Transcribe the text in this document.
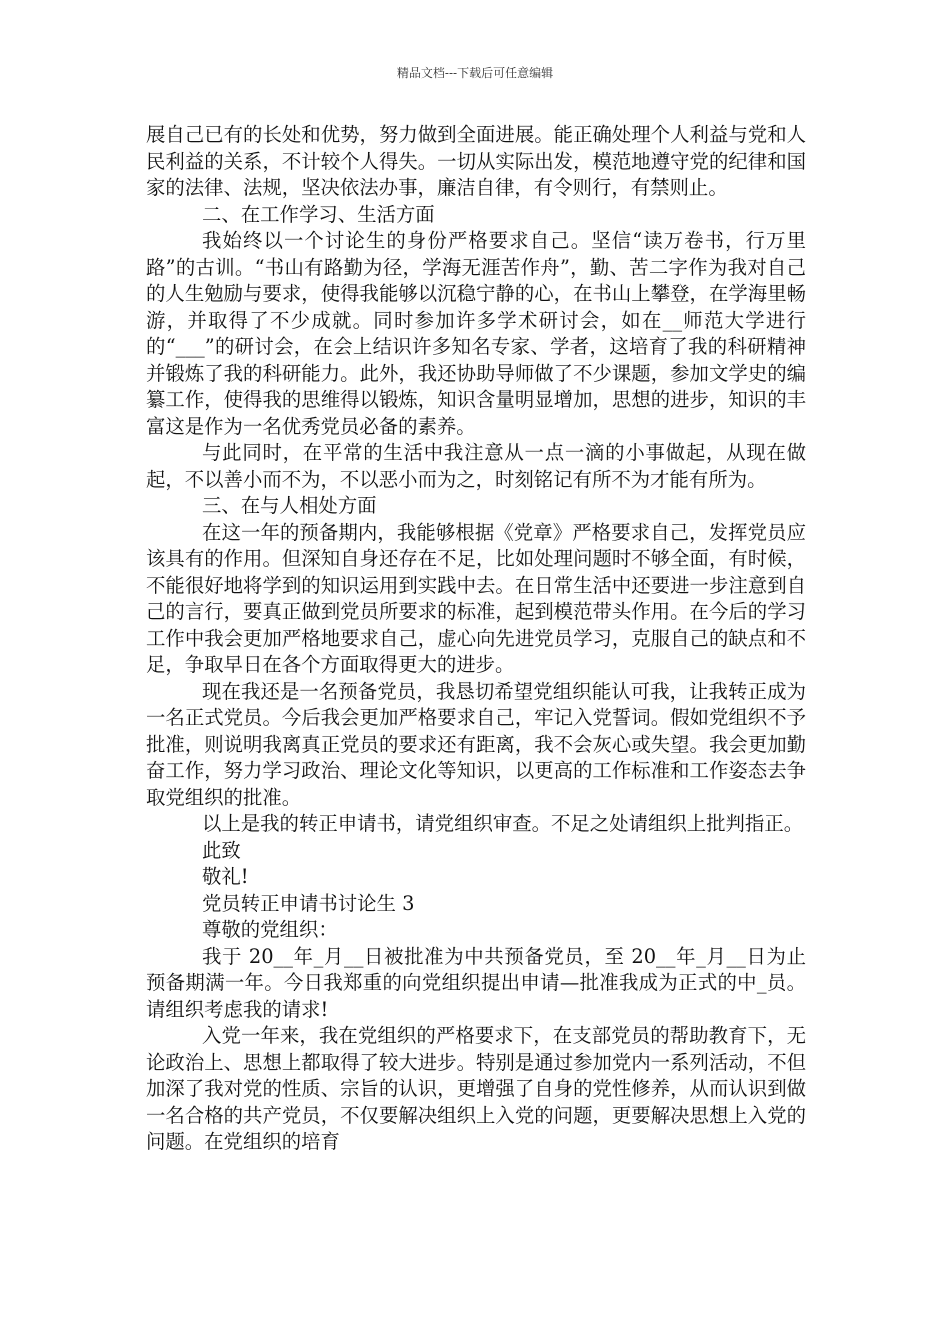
精品文档---下载后可任意编辑

展自己已有的长处和优势，努力做到全面进展。能正确处理个人利益与党和人民利益的关系，不计较个人得失。一切从实际出发，模范地遵守党的纪律和国家的法律、法规，坚决依法办事，廉洁自律，有令则行，有禁则止。

二、在工作学习、生活方面

我始终以一个讨论生的身份严格要求自己。坚信“读万卷书，行万里路”的古训。“书山有路勤为径，学海无涯苦作舟”，勤、苦二字作为我对自己的人生勉励与要求，使得我能够以沉稳宁静的心，在书山上攀登，在学海里畅游，并取得了不少成就。同时参加许多学术研讨会，如在__师范大学进行的“___”的研讨会，在会上结识许多知名专家、学者，这培育了我的科研精神并锻炼了我的科研能力。此外，我还协助导师做了不少课题，参加文学史的编纂工作，使得我的思维得以锻炼，知识含量明显增加，思想的进步，知识的丰富这是作为一名优秀党员必备的素养。

与此同时，在平常的生活中我注意从一点一滴的小事做起，从现在做起，不以善小而不为，不以恶小而为之，时刻铭记有所不为才能有所为。

三、在与人相处方面

在这一年的预备期内，我能够根据《党章》严格要求自己，发挥党员应该具有的作用。但深知自身还存在不足，比如处理问题时不够全面，有时候，不能很好地将学到的知识运用到实践中去。在日常生活中还要进一步注意到自己的言行，要真正做到党员所要求的标准，起到模范带头作用。在今后的学习工作中我会更加严格地要求自己，虚心向先进党员学习，克服自己的缺点和不足，争取早日在各个方面取得更大的进步。

现在我还是一名预备党员，我恳切希望党组织能认可我，让我转正成为一名正式党员。今后我会更加严格要求自己，牢记入党誓词。假如党组织不予批准，则说明我离真正党员的要求还有距离，我不会灰心或失望。我会更加勤奋工作，努力学习政治、理论文化等知识，以更高的工作标准和工作姿态去争取党组织的批准。

以上是我的转正申请书，请党组织审查。不足之处请组织上批判指正。

此致

敬礼!

党员转正申请书讨论生 3

尊敬的党组织：

我于 20__年_月__日被批准为中共预备党员，至 20__年_月__日为止预备期满一年。今日我郑重的向党组织提出申请—批准我成为正式的中_员。请组织考虑我的请求!

入党一年来，我在党组织的严格要求下，在支部党员的帮助教育下，无论政治上、思想上都取得了较大进步。特别是通过参加党内一系列活动，不但加深了我对党的性质、宗旨的认识，更增强了自身的党性修养，从而认识到做一名合格的共产党员，不仅要解决组织上入党的问题，更要解决思想上入党的问题。在党组织的培育
